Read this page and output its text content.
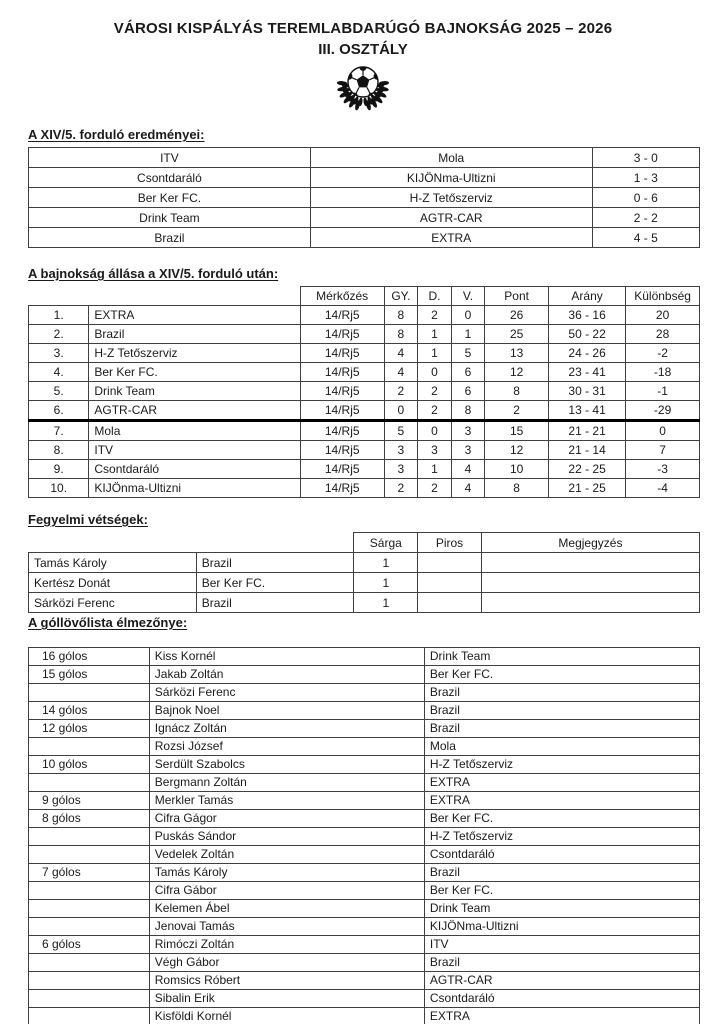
VÁROSI KISPÁLYÁS TEREMLABDARÚGÓ BAJNOKSÁG 2025 – 2026
III. OSZTÁLY
A XIV/5. forduló eredményei:
ITV	Mola	3 - 0
Csontdaráló	KIJÖNma-Ultizni	1 - 3
Ber Ker FC.	H-Z Tetőszerviz	0 - 6
Drink Team	AGTR-CAR	2 - 2
Brazil	EXTRA	4 - 5
A bajnokság állása a XIV/5. forduló után:
		Mérkőzés	GY.	D.	V.	Pont	Arány	Különbség
1.	EXTRA	14/Rj5	8	2	0	26	36 - 16	20
2.	Brazil	14/Rj5	8	1	1	25	50 - 22	28
3.	H-Z Tetőszerviz	14/Rj5	4	1	5	13	24 - 26	-2
4.	Ber Ker FC.	14/Rj5	4	0	6	12	23 - 41	-18
5.	Drink Team	14/Rj5	2	2	6	8	30 - 31	-1
6.	AGTR-CAR	14/Rj5	0	2	8	2	13 - 41	-29
7.	Mola	14/Rj5	5	0	3	15	21 - 21	0
8.	ITV	14/Rj5	3	3	3	12	21 - 14	7
9.	Csontdaráló	14/Rj5	3	1	4	10	22 - 25	-3
10.	KIJÖnma-Ultizni	14/Rj5	2	2	4	8	21 - 25	-4
Fegyelmi vétségek:
		Sárga	Piros	Megjegyzés
Tamás Károly	Brazil	1		
Kertész Donát	Ber Ker FC.	1		
Sárközi Ferenc	Brazil	1		
A góllövőlista élmezőnye:
16 gólos	Kiss Kornél	Drink Team
15 gólos	Jakab Zoltán	Ber Ker FC.
	Sárközi Ferenc	Brazil
14 gólos	Bajnok Noel	Brazil
12 gólos	Ignácz Zoltán	Brazil
	Rozsi József	Mola
10 gólos	Serdült Szabolcs	H-Z Tetőszerviz
	Bergmann Zoltán	EXTRA
9 gólos	Merkler Tamás	EXTRA
8 gólos	Cifra Gágor	Ber Ker FC.
	Puskás Sándor	H-Z Tetőszerviz
	Vedelek Zoltán	Csontdaráló
7 gólos	Tamás Károly	Brazil
	Cifra Gábor	Ber Ker FC.
	Kelemen Ábel	Drink Team
	Jenovai Tamás	KIJÖNma-Ultizni
6 gólos	Rimóczi Zoltán	ITV
	Végh Gábor	Brazil
	Romsics Róbert	AGTR-CAR
	Sibalin Erik	Csontdaráló
	Kisföldi Kornél	EXTRA
